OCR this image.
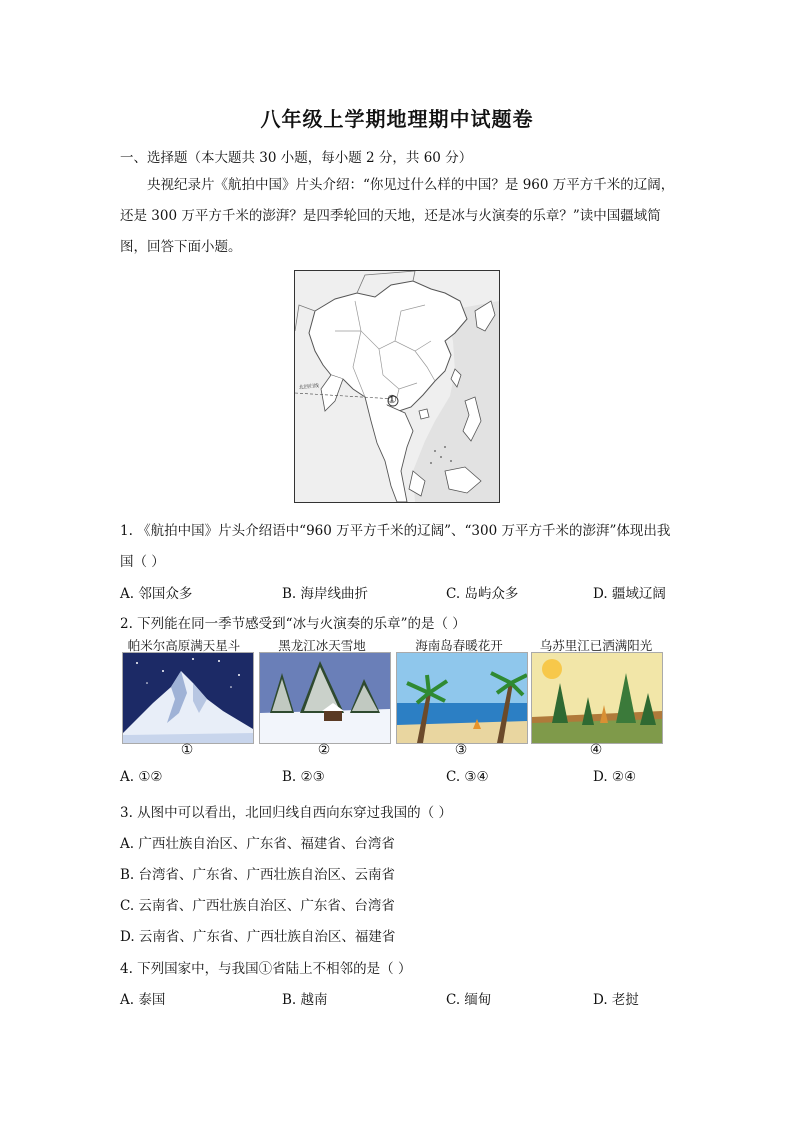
八年级上学期地理期中试题卷
一、选择题（本大题共 30 小题，每小题 2 分，共 60 分）
央视纪录片《航拍中国》片头介绍：“你见过什么样的中国？是 960 万平方千米的辽阔，
还是 300 万平方千米的澎湃？是四季轮回的天地，还是冰与火演奏的乐章？”读中国疆域简
图，回答下面小题。
①
北回归线
1. 《航拍中国》片头介绍语中“960 万平方千米的辽阔”、“300 万平方千米的澎湃”体现出我
国（ ）
A. 邻国众多	B. 海岸线曲折	C. 岛屿众多	D. 疆域辽阔
2. 下列能在同一季节感受到“冰与火演奏的乐章”的是（ ）
帕米尔高原满天星斗	黑龙江冰天雪地	海南岛春暖花开	乌苏里江已洒满阳光
①	②	③	④
A. ①②	B. ②③	C. ③④	D. ②④
3. 从图中可以看出，北回归线自西向东穿过我国的（ ）
A. 广西壮族自治区、广东省、福建省、台湾省
B. 台湾省、广东省、广西壮族自治区、云南省
C. 云南省、广西壮族自治区、广东省、台湾省
D. 云南省、广东省、广西壮族自治区、福建省
4. 下列国家中，与我国①省陆上不相邻的是（ ）
A. 泰国	B. 越南	C. 缅甸	D. 老挝
